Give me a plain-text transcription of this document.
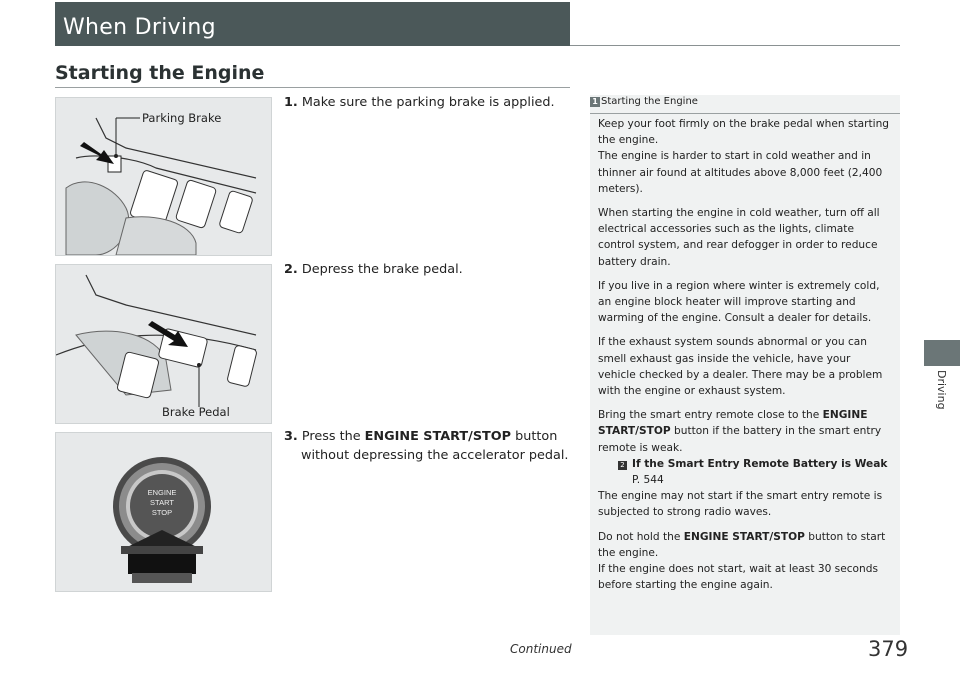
When Driving
Starting the Engine
Parking Brake
Brake Pedal
ENGINE
START
STOP
1. Make sure the parking brake is applied.
2. Depress the brake pedal.
3. Press the ENGINE START/STOP button
without depressing the accelerator pedal.
1 Starting the Engine

Keep your foot firmly on the brake pedal when starting the engine.
The engine is harder to start in cold weather and in thinner air found at altitudes above 8,000 feet (2,400 meters).

When starting the engine in cold weather, turn off all electrical accessories such as the lights, climate control system, and rear defogger in order to reduce battery drain.

If you live in a region where winter is extremely cold, an engine block heater will improve starting and warming of the engine. Consult a dealer for details.

If the exhaust system sounds abnormal or you can smell exhaust gas inside the vehicle, have your vehicle checked by a dealer. There may be a problem with the engine or exhaust system.

Bring the smart entry remote close to the ENGINE START/STOP button if the battery in the smart entry remote is weak.

2 If the Smart Entry Remote Battery is Weak
P. 544

The engine may not start if the smart entry remote is subjected to strong radio waves.

Do not hold the ENGINE START/STOP button to start the engine.
If the engine does not start, wait at least 30 seconds before starting the engine again.

Driving
Continued	379
